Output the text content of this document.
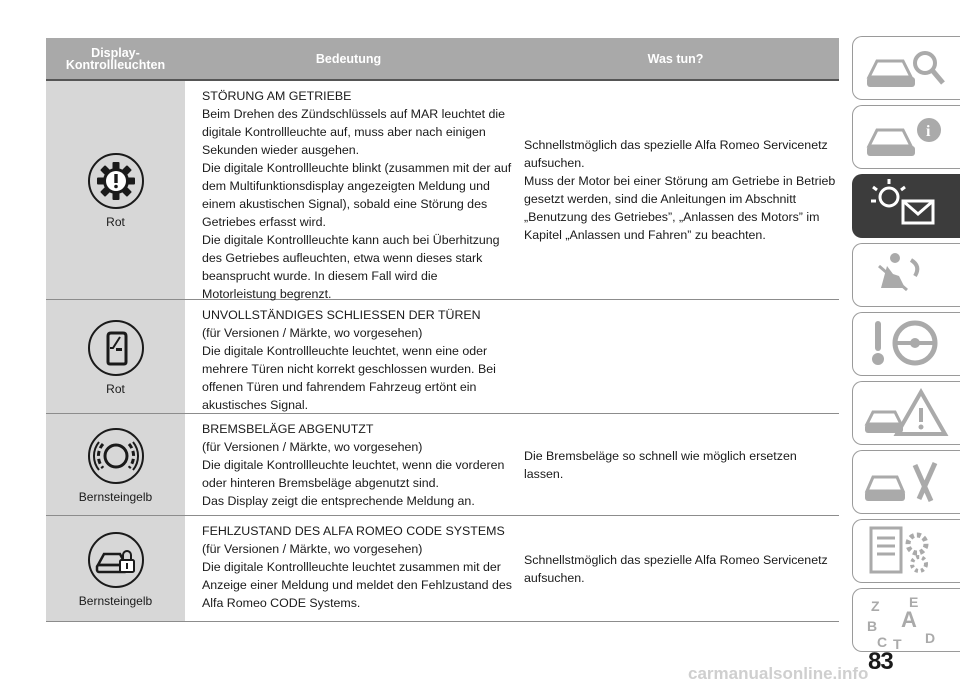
Display-
Kontrollleuchten	Bedeutung	Was tun?
Rot
STÖRUNG AM GETRIEBE
Beim Drehen des Zündschlüssels auf MAR leuchtet die digitale Kontrollleuchte auf, muss aber nach einigen Sekunden wieder ausgehen.
Die digitale Kontrollleuchte blinkt (zusammen mit der auf dem Multifunktionsdisplay angezeigten Meldung und einem akustischen Signal), sobald eine Störung des Getriebes erfasst wird.
Die digitale Kontrollleuchte kann auch bei Überhitzung des Getriebes aufleuchten, etwa wenn dieses stark beansprucht wurde. In diesem Fall wird die Motorleistung begrenzt.
Schnellstmöglich das spezielle Alfa Romeo Servicenetz aufsuchen.
Muss der Motor bei einer Störung am Getriebe in Betrieb gesetzt werden, sind die Anleitungen im Abschnitt „Benutzung des Getriebes”, „Anlassen des Motors” im Kapitel „Anlassen und Fahren” zu beachten.
Rot
UNVOLLSTÄNDIGES SCHLIESSEN DER TÜREN
(für Versionen / Märkte, wo vorgesehen)
Die digitale Kontrollleuchte leuchtet, wenn eine oder mehrere Türen nicht korrekt geschlossen wurden. Bei offenen Türen und fahrendem Fahrzeug ertönt ein akustisches Signal.
Bernsteingelb
BREMSBELÄGE ABGENUTZT
(für Versionen / Märkte, wo vorgesehen)
Die digitale Kontrollleuchte leuchtet, wenn die vorderen oder hinteren Bremsbeläge abgenutzt sind.
Das Display zeigt die entsprechende Meldung an.
Die Bremsbeläge so schnell wie möglich ersetzen lassen.
Bernsteingelb
FEHLZUSTAND DES ALFA ROMEO CODE SYSTEMS
(für Versionen / Märkte, wo vorgesehen)
Die digitale Kontrollleuchte leuchtet zusammen mit der Anzeige einer Meldung und meldet den Fehlzustand des Alfa Romeo CODE Systems.
Schnellstmöglich das spezielle Alfa Romeo Servicenetz aufsuchen.
i
Z E
A
B
C T D
83
carmanualsonline.info
